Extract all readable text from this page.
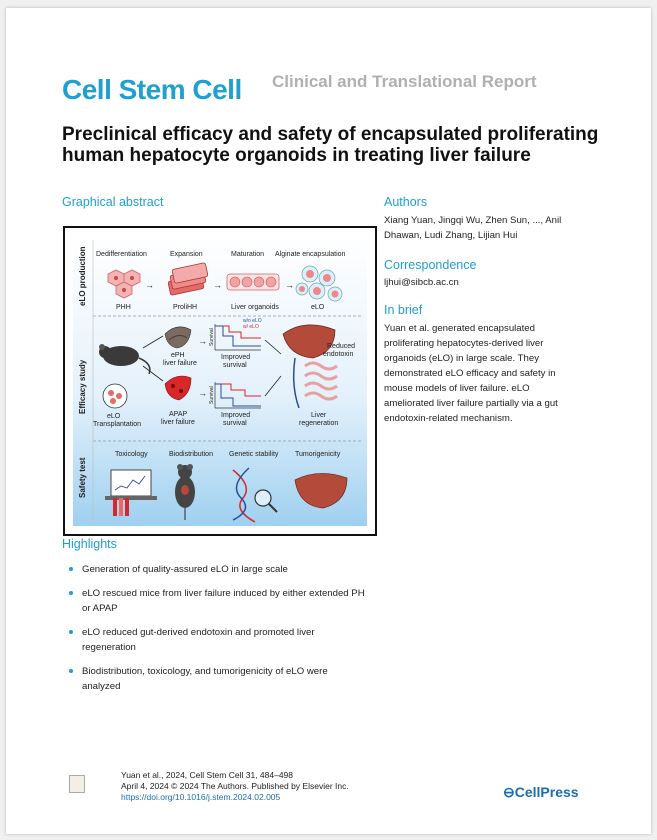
Cell Stem Cell Clinical and Translational Report
Preclinical efficacy and safety of encapsulated proliferating human hepatocyte organoids in treating liver failure
Graphical abstract
eLO production
Efficacy study
Safety test
Dedifferentiation	Expansion	Maturation Alginate encapsulation
PHH
→
ProliHH
→
Liver organoids
→
eLO
eLO Transplantation
ePH liver failure
APAP liver failure
→
→
Survival
w/o eLO
w/ eLO
Improved survival
Survival
Improved survival
Reduced endotoxin
Liver regeneration
Toxicology	Biodistribution Genetic stability Tumorigenicity
Authors
Xiang Yuan, Jingqi Wu, Zhen Sun, ..., Anil Dhawan, Ludi Zhang, Lijian Hui
Correspondence
ljhui@sibcb.ac.cn
In brief
Yuan et al. generated encapsulated proliferating hepatocytes-derived liver organoids (eLO) in large scale. They demonstrated eLO efficacy and safety in mouse models of liver failure. eLO ameliorated liver failure partially via a gut endotoxin-related mechanism.
Highlights
Generation of quality-assured eLO in large scale
eLO rescued mice from liver failure induced by either extended PH or APAP
eLO reduced gut-derived endotoxin and promoted liver regeneration
Biodistribution, toxicology, and tumorigenicity of eLO were analyzed
Yuan et al., 2024, Cell Stem Cell 31, 484–498
April 4, 2024 © 2024 The Authors. Published by Elsevier Inc.
https://doi.org/10.1016/j.stem.2024.02.005	⊖CellPress
